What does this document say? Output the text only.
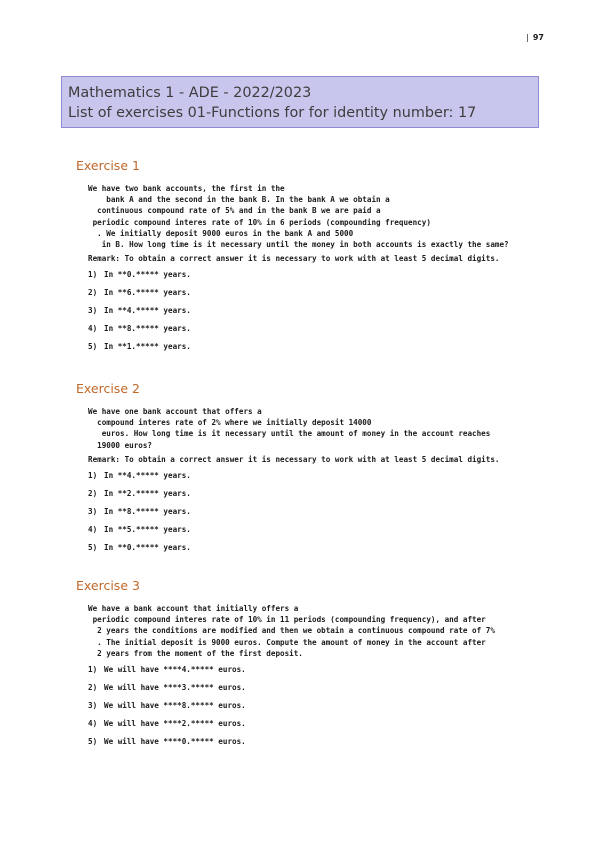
| 97
Mathematics 1 - ADE - 2022/2023
List of exercises 01-Functions for for identity number: 17
Exercise 1
We have two bank accounts, the first in the
bank A and the second in the bank B. In the bank A we obtain a
continuous compound rate of 5% and in the bank B we are paid a
periodic compound interes rate of 10% in 6 periods (compounding frequency)
. We initially deposit 9000 euros in the bank A and 5000
in B. How long time is it necessary until the money in both accounts is exactly the same?
Remark: To obtain a correct answer it is necessary to work with at least 5 decimal digits.
1) In **0.***** years.
2) In **6.***** years.
3) In **4.***** years.
4) In **8.***** years.
5) In **1.***** years.
Exercise 2
We have one bank account that offers a
compound interes rate of 2% where we initially deposit 14000
euros. How long time is it necessary until the amount of money in the account reaches
19000 euros?
Remark: To obtain a correct answer it is necessary to work with at least 5 decimal digits.
1) In **4.***** years.
2) In **2.***** years.
3) In **8.***** years.
4) In **5.***** years.
5) In **0.***** years.
Exercise 3
We have a bank account that initially offers a
periodic compound interes rate of 10% in 11 periods (compounding frequency), and after
2 years the conditions are modified and then we obtain a continuous compound rate of 7%
. The initial deposit is 9000 euros. Compute the amount of money in the account after
2 years from the moment of the first deposit.
1) We will have ****4.***** euros.
2) We will have ****3.***** euros.
3) We will have ****8.***** euros.
4) We will have ****2.***** euros.
5) We will have ****0.***** euros.
